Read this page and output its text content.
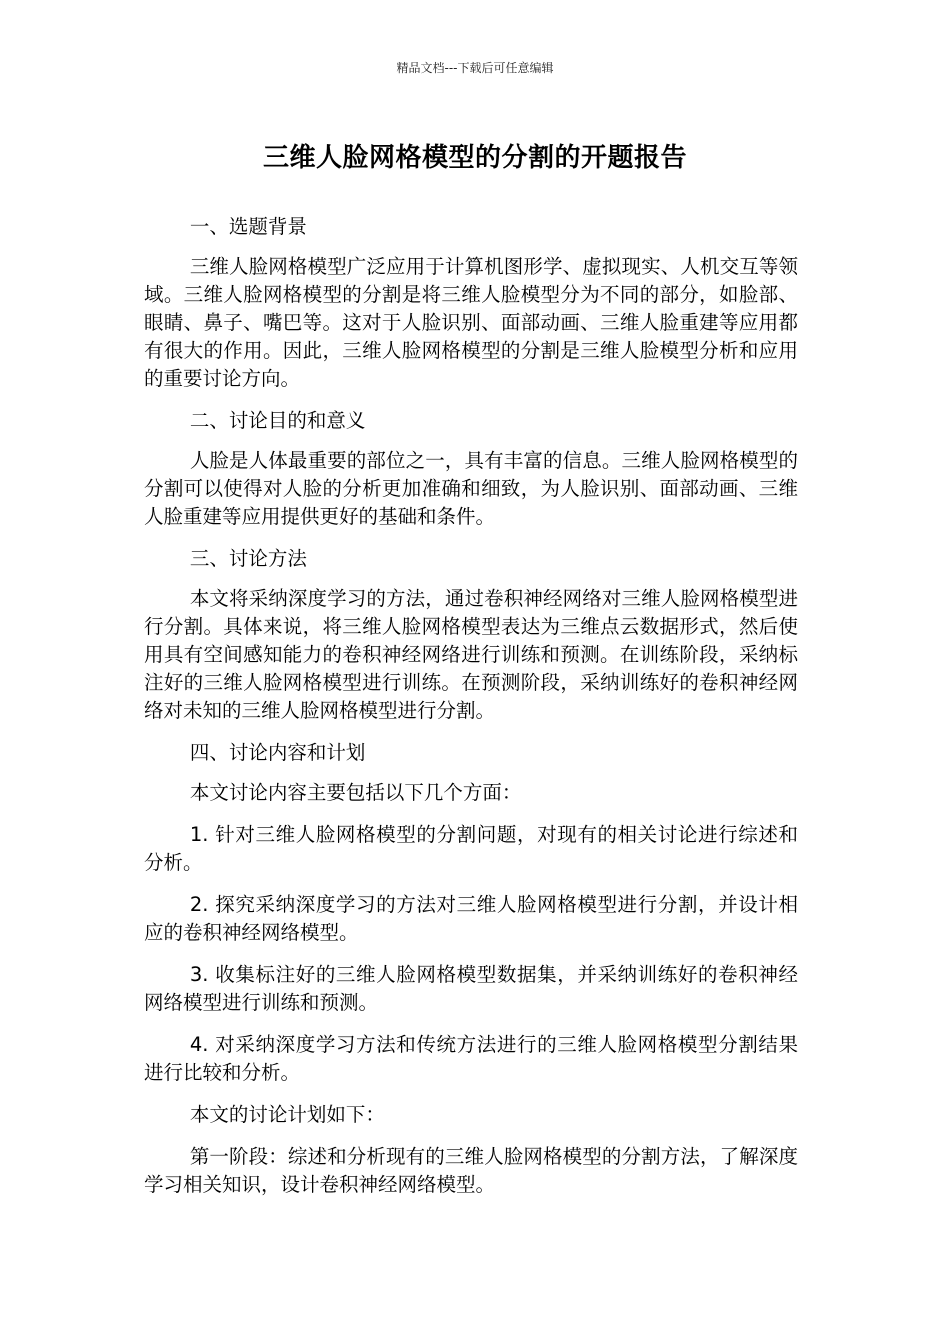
精品文档---下载后可任意编辑
三维人脸网格模型的分割的开题报告

一、选题背景

三维人脸网格模型广泛应用于计算机图形学、虚拟现实、人机交互等领域。三维人脸网格模型的分割是将三维人脸模型分为不同的部分，如脸部、眼睛、鼻子、嘴巴等。这对于人脸识别、面部动画、三维人脸重建等应用都有很大的作用。因此，三维人脸网格模型的分割是三维人脸模型分析和应用的重要讨论方向。

二、讨论目的和意义

人脸是人体最重要的部位之一，具有丰富的信息。三维人脸网格模型的分割可以使得对人脸的分析更加准确和细致，为人脸识别、面部动画、三维人脸重建等应用提供更好的基础和条件。

三、讨论方法

本文将采纳深度学习的方法，通过卷积神经网络对三维人脸网格模型进行分割。具体来说，将三维人脸网格模型表达为三维点云数据形式，然后使用具有空间感知能力的卷积神经网络进行训练和预测。在训练阶段，采纳标注好的三维人脸网格模型进行训练。在预测阶段，采纳训练好的卷积神经网络对未知的三维人脸网格模型进行分割。

四、讨论内容和计划

本文讨论内容主要包括以下几个方面：

1. 针对三维人脸网格模型的分割问题，对现有的相关讨论进行综述和分析。

2. 探究采纳深度学习的方法对三维人脸网格模型进行分割，并设计相应的卷积神经网络模型。

3. 收集标注好的三维人脸网格模型数据集，并采纳训练好的卷积神经网络模型进行训练和预测。

4. 对采纳深度学习方法和传统方法进行的三维人脸网格模型分割结果进行比较和分析。

本文的讨论计划如下：

第一阶段：综述和分析现有的三维人脸网格模型的分割方法，了解深度学习相关知识，设计卷积神经网络模型。
